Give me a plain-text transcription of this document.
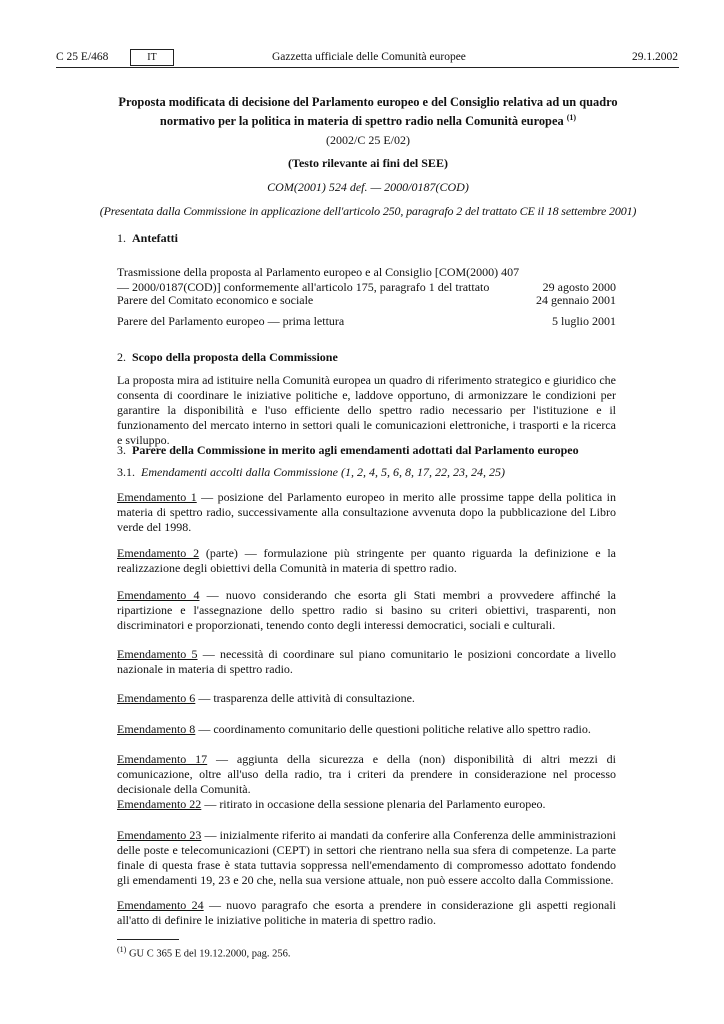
C 25 E/468	IT	Gazzetta ufficiale delle Comunità europee	29.1.2002
Proposta modificata di decisione del Parlamento europeo e del Consiglio relativa ad un quadro
normativo per la politica in materia di spettro radio nella Comunità europea $^{(1)}$
(2002/C 25 E/02)
(Testo rilevante ai fini del SEE)
COM(2001) 524 def. — 2000/0187(COD)
(Presentata dalla Commissione in applicazione dell'articolo 250, paragrafo 2 del trattato CE il 18 settembre 2001)
1. Antefatti
Trasmissione della proposta al Parlamento europeo e al Consiglio [COM(2000) 407
— 2000/0187(COD)] conformemente all'articolo 175, paragrafo 1 del trattato	29 agosto 2000
Parere del Comitato economico e sociale	24 gennaio 2001
Parere del Parlamento europeo — prima lettura	5 luglio 2001
2. Scopo della proposta della Commissione
La proposta mira ad istituire nella Comunità europea un quadro di riferimento strategico e giuridico che consenta di coordinare le iniziative politiche e, laddove opportuno, di armonizzare le condizioni per garantire la disponibilità e l'uso efficiente dello spettro radio necessario per l'istituzione e il funzionamento del mercato interno in settori quali le comunicazioni elettroniche, i trasporti e la ricerca e sviluppo.
3. Parere della Commissione in merito agli emendamenti adottati dal Parlamento europeo
3.1. Emendamenti accolti dalla Commissione (1, 2, 4, 5, 6, 8, 17, 22, 23, 24, 25)
Emendamento 1 — posizione del Parlamento europeo in merito alle prossime tappe della politica in materia di spettro radio, successivamente alla consultazione avvenuta dopo la pubblicazione del Libro verde del 1998.
Emendamento 2 (parte) — formulazione più stringente per quanto riguarda la definizione e la realizzazione degli obiettivi della Comunità in materia di spettro radio.
Emendamento 4 — nuovo considerando che esorta gli Stati membri a provvedere affinché la ripartizione e l'assegnazione dello spettro radio si basino su criteri obiettivi, trasparenti, non discriminatori e proporzionati, tenendo conto degli interessi democratici, sociali e culturali.
Emendamento 5 — necessità di coordinare sul piano comunitario le posizioni concordate a livello nazionale in materia di spettro radio.
Emendamento 6 — trasparenza delle attività di consultazione.
Emendamento 8 — coordinamento comunitario delle questioni politiche relative allo spettro radio.
Emendamento 17 — aggiunta della sicurezza e della (non) disponibilità di altri mezzi di comunicazione, oltre all'uso della radio, tra i criteri da prendere in considerazione nel processo decisionale della Comunità.
Emendamento 22 — ritirato in occasione della sessione plenaria del Parlamento europeo.
Emendamento 23 — inizialmente riferito ai mandati da conferire alla Conferenza delle amministrazioni delle poste e telecomunicazioni (CEPT) in settori che rientrano nella sua sfera di competenze. La parte finale di questa frase è stata tuttavia soppressa nell'emendamento di compromesso adottato fondendo gli emendamenti 19, 23 e 20 che, nella sua versione attuale, non può essere accolto dalla Commissione.
Emendamento 24 — nuovo paragrafo che esorta a prendere in considerazione gli aspetti regionali all'atto di definire le iniziative politiche in materia di spettro radio.
$^{(1)}$ GU C 365 E del 19.12.2000, pag. 256.
